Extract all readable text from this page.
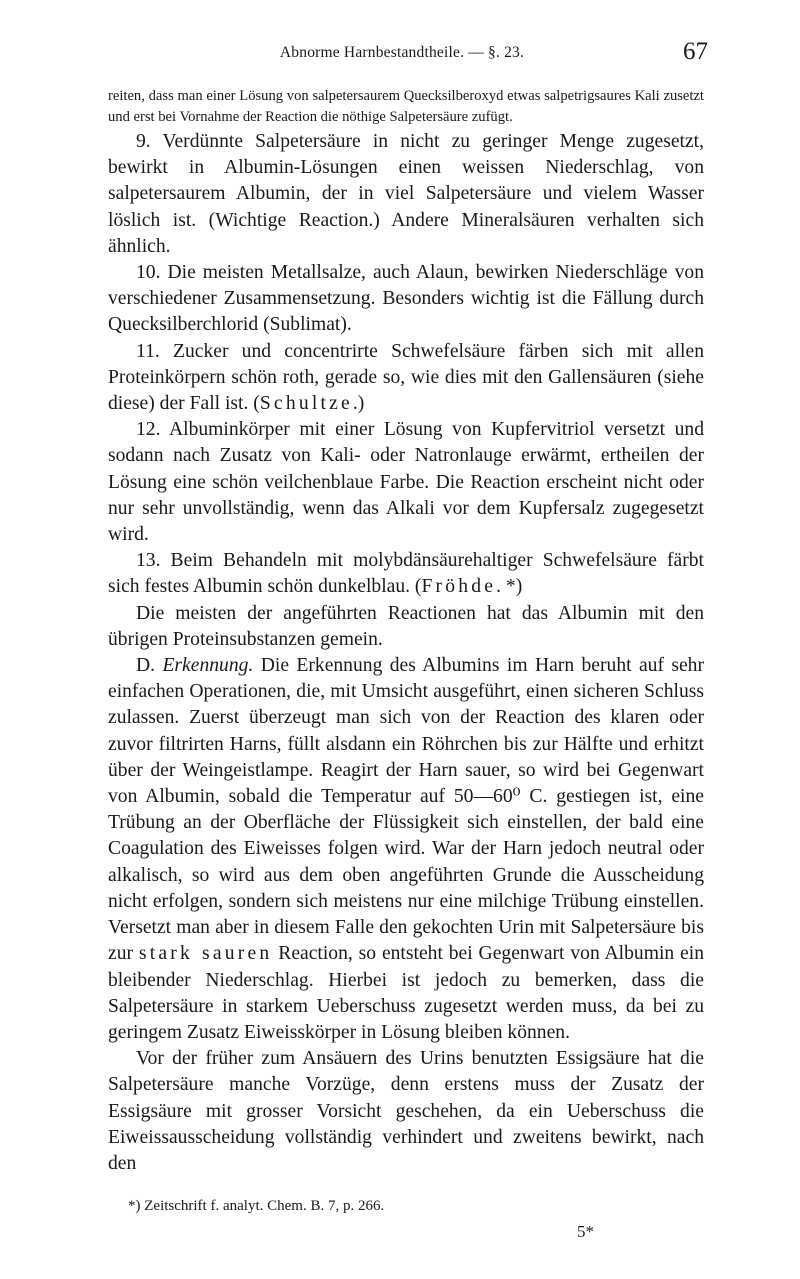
Abnorme Harnbestandtheile. — §. 23.	67

reiten, dass man einer Lösung von salpetersaurem Quecksilberoxyd etwas salpetrigsaures Kali zusetzt und erst bei Vornahme der Reaction die nöthige Salpetersäure zufügt.

9. Verdünnte Salpetersäure in nicht zu geringer Menge zugesetzt, bewirkt in Albumin-Lösungen einen weissen Niederschlag, von salpetersaurem Albumin, der in viel Salpetersäure und vielem Wasser löslich ist. (Wichtige Reaction.) Andere Mineralsäuren verhalten sich ähnlich.

10. Die meisten Metallsalze, auch Alaun, bewirken Niederschläge von verschiedener Zusammensetzung. Besonders wichtig ist die Fällung durch Quecksilberchlorid (Sublimat).

11. Zucker und concentrirte Schwefelsäure färben sich mit allen Proteinkörpern schön roth, gerade so, wie dies mit den Gallensäuren (siehe diese) der Fall ist. (Schultze.)

12. Albuminkörper mit einer Lösung von Kupfervitriol versetzt und sodann nach Zusatz von Kali- oder Natronlauge erwärmt, ertheilen der Lösung eine schön veilchenblaue Farbe. Die Reaction erscheint nicht oder nur sehr unvollständig, wenn das Alkali vor dem Kupfersalz zugegesetzt wird.

13. Beim Behandeln mit molybdänsäurehaltiger Schwefelsäure färbt sich festes Albumin schön dunkelblau. (Fröhde. *)

Die meisten der angeführten Reactionen hat das Albumin mit den übrigen Proteinsubstanzen gemein.

D. Erkennung. Die Erkennung des Albumins im Harn beruht auf sehr einfachen Operationen, die, mit Umsicht ausgeführt, einen sicheren Schluss zulassen. Zuerst überzeugt man sich von der Reaction des klaren oder zuvor filtrirten Harns, füllt alsdann ein Röhrchen bis zur Hälfte und erhitzt über der Weingeistlampe. Reagirt der Harn sauer, so wird bei Gegenwart von Albumin, sobald die Temperatur auf 50—60⁰ C. gestiegen ist, eine Trübung an der Oberfläche der Flüssigkeit sich einstellen, der bald eine Coagulation des Eiweisses folgen wird. War der Harn jedoch neutral oder alkalisch, so wird aus dem oben angeführten Grunde die Ausscheidung nicht erfolgen, sondern sich meistens nur eine milchige Trübung einstellen. Versetzt man aber in diesem Falle den gekochten Urin mit Salpetersäure bis zur stark sauren Reaction, so entsteht bei Gegenwart von Albumin ein bleibender Niederschlag. Hierbei ist jedoch zu bemerken, dass die Salpetersäure in starkem Ueberschuss zugesetzt werden muss, da bei zu geringem Zusatz Eiweisskörper in Lösung bleiben können.

Vor der früher zum Ansäuern des Urins benutzten Essigsäure hat die Salpetersäure manche Vorzüge, denn erstens muss der Zusatz der Essigsäure mit grosser Vorsicht geschehen, da ein Ueberschuss die Eiweissausscheidung vollständig verhindert und zweitens bewirkt, nach den

*) Zeitschrift f. analyt. Chem. B. 7, p. 266.
5*
